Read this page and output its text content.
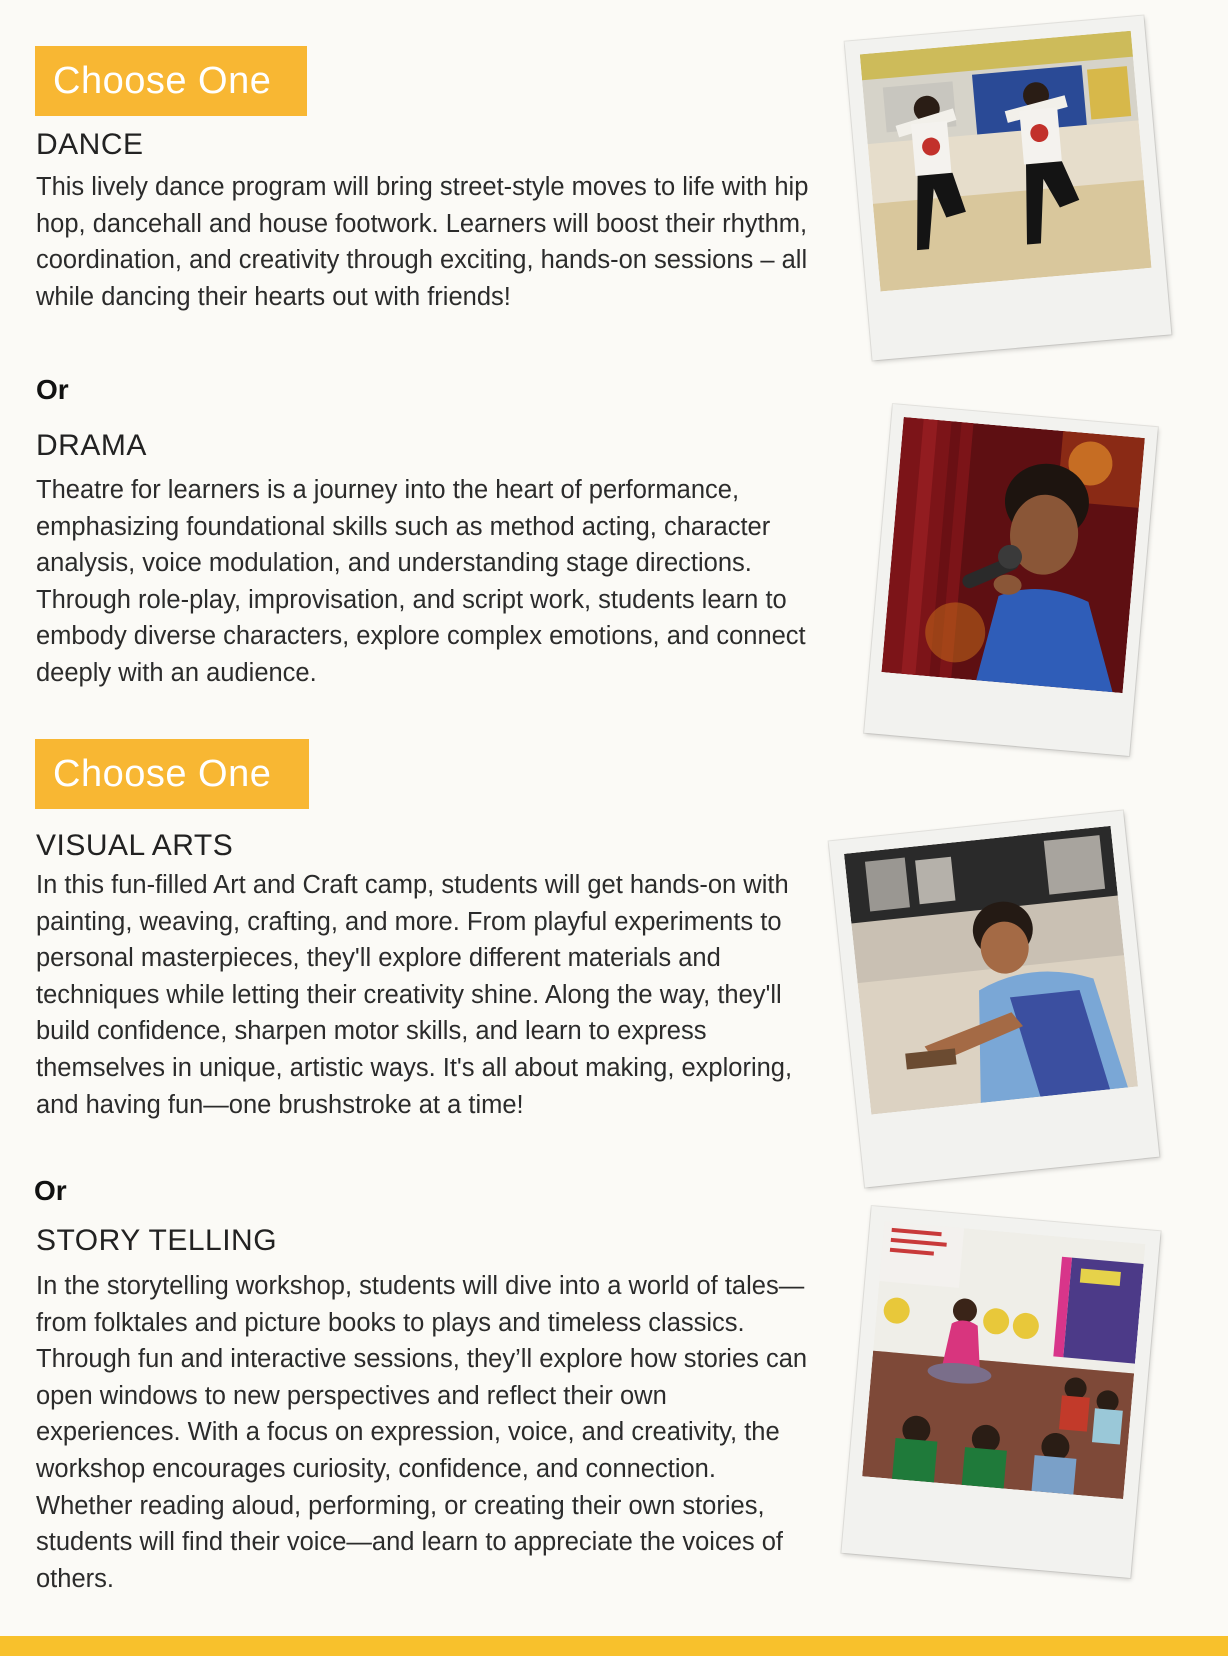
Choose One
DANCE

This lively dance program will bring street-style moves to life with hip hop, dancehall and house footwork. Learners will boost their rhythm, coordination, and creativity through exciting, hands-on sessions – all while dancing their hearts out with friends!

Or
DRAMA

Theatre for learners is a journey into the heart of performance, emphasizing foundational skills such as method acting, character analysis, voice modulation, and understanding stage directions. Through role-play, improvisation, and script work, students learn to embody diverse characters, explore complex emotions, and connect deeply with an audience.

Choose One
VISUAL ARTS

In this fun-filled Art and Craft camp, students will get hands-on with painting, weaving, crafting, and more. From playful experiments to personal masterpieces, they'll explore different materials and techniques while letting their creativity shine. Along the way, they'll build confidence, sharpen motor skills, and learn to express themselves in unique, artistic ways. It's all about making, exploring, and having fun—one brushstroke at a time!

Or
STORY TELLING

In the storytelling workshop, students will dive into a world of tales—from folktales and picture books to plays and timeless classics. Through fun and interactive sessions, they’ll explore how stories can open windows to new perspectives and reflect their own experiences. With a focus on expression, voice, and creativity, the workshop encourages curiosity, confidence, and connection. Whether reading aloud, performing, or creating their own stories, students will find their voice—and learn to appreciate the voices of others.
